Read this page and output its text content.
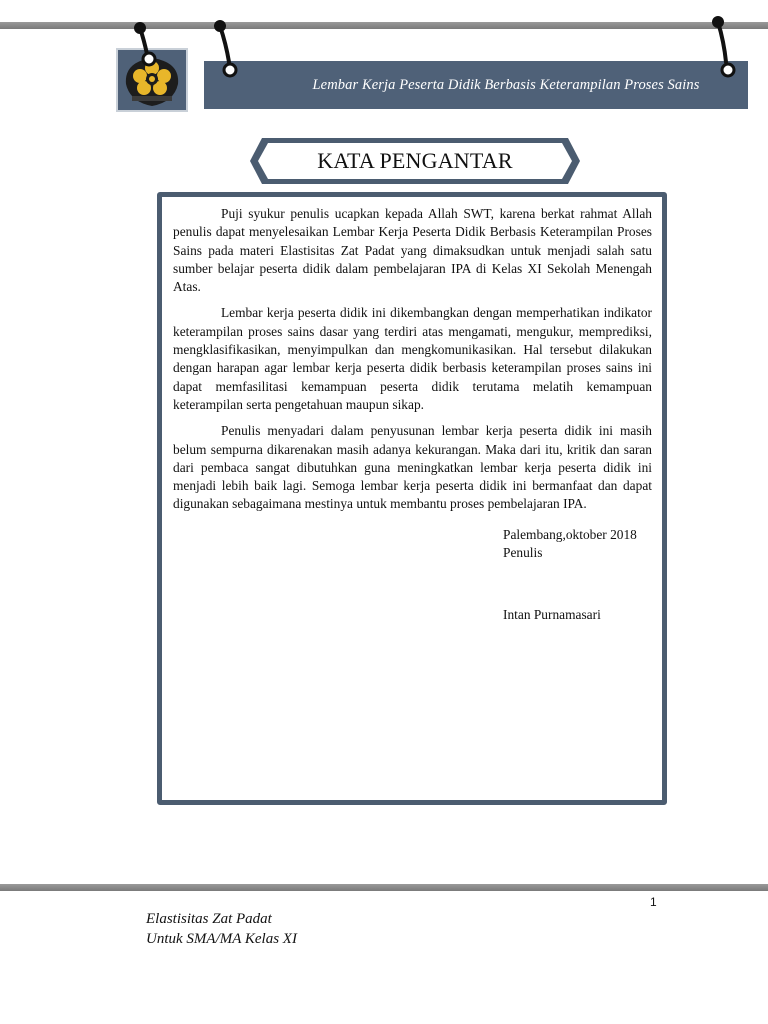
Lembar Kerja Peserta Didik Berbasis Keterampilan Proses Sains
KATA PENGANTAR

Puji syukur penulis ucapkan kepada Allah SWT, karena berkat rahmat Allah penulis dapat menyelesaikan Lembar Kerja Peserta Didik Berbasis Keterampilan Proses Sains pada materi Elastisitas Zat Padat yang dimaksudkan untuk menjadi salah satu sumber belajar peserta didik dalam pembelajaran IPA di Kelas XI Sekolah Menengah Atas.

Lembar kerja peserta didik ini dikembangkan dengan memperhatikan indikator keterampilan proses sains dasar yang terdiri atas mengamati, mengukur, memprediksi, mengklasifikasikan, menyimpulkan dan mengkomunikasikan. Hal tersebut dilakukan dengan harapan agar lembar kerja peserta didik berbasis keterampilan proses sains ini dapat memfasilitasi kemampuan peserta didik terutama melatih kemampuan keterampilan serta pengetahuan maupun sikap.

Penulis menyadari dalam penyusunan lembar kerja peserta didik ini masih belum sempurna dikarenakan masih adanya kekurangan. Maka dari itu, kritik dan saran dari pembaca sangat dibutuhkan guna meningkatkan lembar kerja peserta didik ini menjadi lebih baik lagi. Semoga lembar kerja peserta didik ini bermanfaat dan dapat digunakan sebagaimana mestinya untuk membantu proses pembelajaran IPA.

Palembang,oktober 2018
Penulis
Intan Purnamasari
1
Elastisitas Zat Padat
Untuk SMA/MA Kelas XI
